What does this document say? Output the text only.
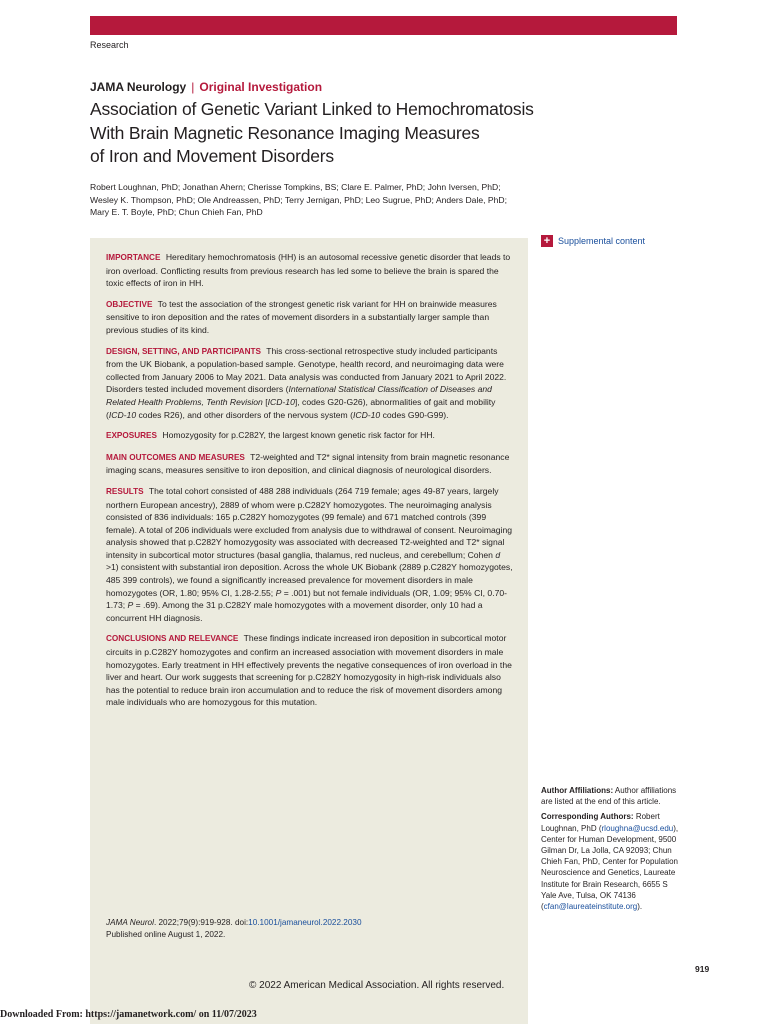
Research
JAMA Neurology | Original Investigation
Association of Genetic Variant Linked to Hemochromatosis
With Brain Magnetic Resonance Imaging Measures
of Iron and Movement Disorders
Robert Loughnan, PhD; Jonathan Ahern; Cherisse Tompkins, BS; Clare E. Palmer, PhD; John Iversen, PhD;
Wesley K. Thompson, PhD; Ole Andreassen, PhD; Terry Jernigan, PhD; Leo Sugrue, PhD; Anders Dale, PhD;
Mary E. T. Boyle, PhD; Chun Chieh Fan, PhD
+ Supplemental content

IMPORTANCE Hereditary hemochromatosis (HH) is an autosomal recessive genetic disorder that leads to iron overload. Conflicting results from previous research has led some to believe the brain is spared the toxic effects of iron in HH.

OBJECTIVE To test the association of the strongest genetic risk variant for HH on brainwide measures sensitive to iron deposition and the rates of movement disorders in a substantially larger sample than previous studies of its kind.

DESIGN, SETTING, AND PARTICIPANTS This cross-sectional retrospective study included participants from the UK Biobank, a population-based sample. Genotype, health record, and neuroimaging data were collected from January 2006 to May 2021. Data analysis was conducted from January 2021 to April 2022. Disorders tested included movement disorders (International Statistical Classification of Diseases and Related Health Problems, Tenth Revision [ICD-10], codes G20-G26), abnormalities of gait and mobility (ICD-10 codes R26), and other disorders of the nervous system (ICD-10 codes G90-G99).

EXPOSURES Homozygosity for p.C282Y, the largest known genetic risk factor for HH.

MAIN OUTCOMES AND MEASURES T2-weighted and T2* signal intensity from brain magnetic resonance imaging scans, measures sensitive to iron deposition, and clinical diagnosis of neurological disorders.

RESULTS The total cohort consisted of 488 288 individuals (264 719 female; ages 49-87 years, largely northern European ancestry), 2889 of whom were p.C282Y homozygotes. The neuroimaging analysis consisted of 836 individuals: 165 p.C282Y homozygotes (99 female) and 671 matched controls (399 female). A total of 206 individuals were excluded from analysis due to withdrawal of consent. Neuroimaging analysis showed that p.C282Y homozygosity was associated with decreased T2-weighted and T2* signal intensity in subcortical motor structures (basal ganglia, thalamus, red nucleus, and cerebellum; Cohen d >1) consistent with substantial iron deposition. Across the whole UK Biobank (2889 p.C282Y homozygotes, 485 399 controls), we found a significantly increased prevalence for movement disorders in male homozygotes (OR, 1.80; 95% CI, 1.28-2.55; P = .001) but not female individuals (OR, 1.09; 95% CI, 0.70-1.73; P = .69). Among the 31 p.C282Y male homozygotes with a movement disorder, only 10 had a concurrent HH diagnosis.

CONCLUSIONS AND RELEVANCE These findings indicate increased iron deposition in subcortical motor circuits in p.C282Y homozygotes and confirm an increased association with movement disorders in male homozygotes. Early treatment in HH effectively prevents the negative consequences of iron overload in the liver and heart. Our work suggests that screening for p.C282Y homozygosity in high-risk individuals also has the potential to reduce brain iron accumulation and to reduce the risk of movement disorders among male individuals who are homozygous for this mutation.

JAMA Neurol. 2022;79(9):919-928. doi:10.1001/jamaneurol.2022.2030
Published online August 1, 2022.

Author Affiliations: Author affiliations are listed at the end of this article.

Corresponding Authors: Robert Loughnan, PhD (rloughna@ucsd.edu), Center for Human Development, 9500 Gilman Dr, La Jolla, CA 92093; Chun Chieh Fan, PhD, Center for Population Neuroscience and Genetics, Laureate Institute for Brain Research, 6655 S Yale Ave, Tulsa, OK 74136 (cfan@laureateinstitute.org).

919
© 2022 American Medical Association. All rights reserved.
Downloaded From: https://jamanetwork.com/ on 11/07/2023
